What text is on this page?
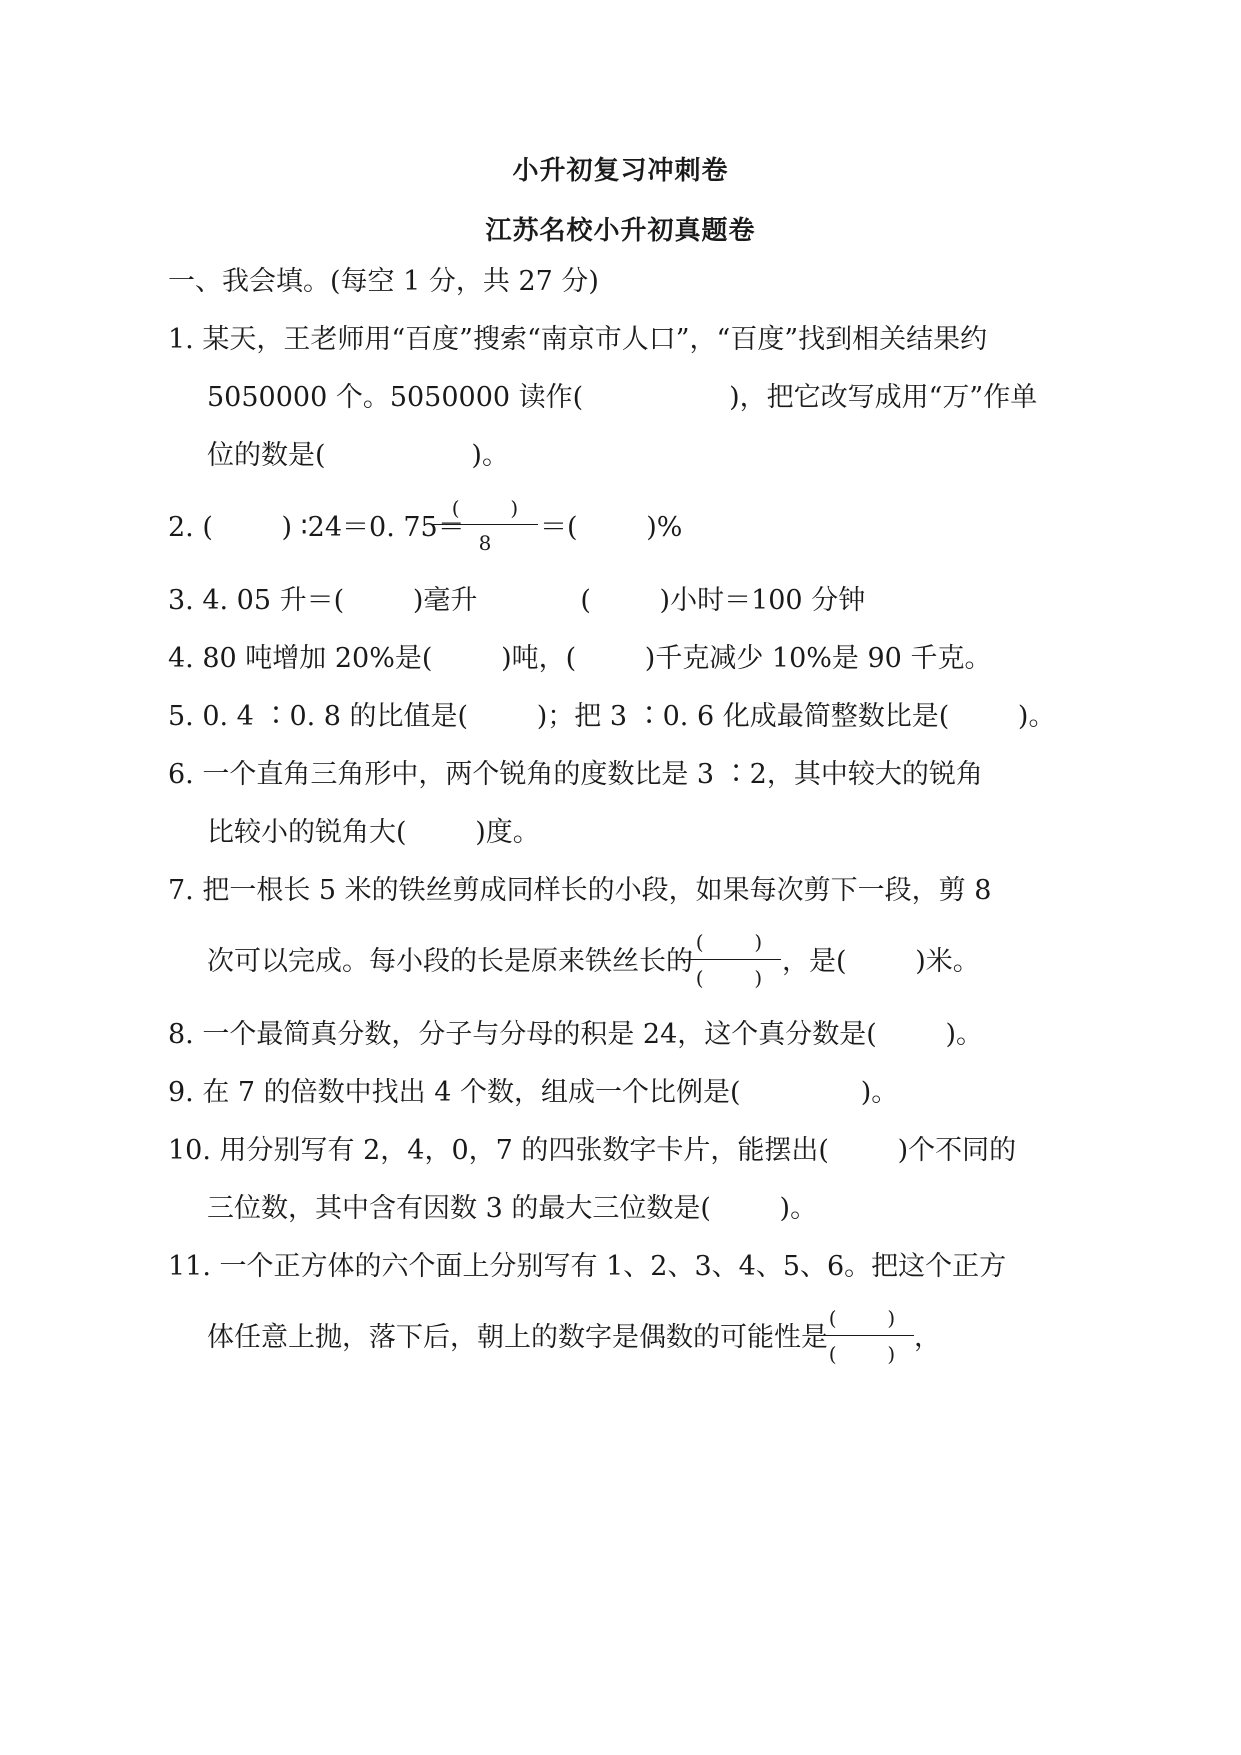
小升初复习冲刺卷
江苏名校小升初真题卷
一、我会填。(每空 1 分，共 27 分)
1. 某天，王老师用“百度”搜索“南京市人口”，“百度”找到相关结果约
5050000 个。5050000 读作(                 )，把它改写成用“万”作单
位的数是(                 )。
2. (        ) ∶24＝0. 75＝
(        )
8	＝(        )%
3. 4. 05 升＝(        )毫升            (        )小时＝100 分钟
4. 80 吨增加 20%是(        )吨，(        )千克减少 10%是 90 千克。
5. 0. 4 ∶0. 8 的比值是(        )；把 3 ∶0. 6 化成最简整数比是(        )。
6. 一个直角三角形中，两个锐角的度数比是 3 ∶2，其中较大的锐角
比较小的锐角大(        )度。
7. 把一根长 5 米的铁丝剪成同样长的小段，如果每次剪下一段，剪 8
次可以完成。每小段的长是原来铁丝长的
(        )
(        )
，是(        )米。
8. 一个最简真分数，分子与分母的积是 24，这个真分数是(        )。
9. 在 7 的倍数中找出 4 个数，组成一个比例是(              )。
10. 用分别写有 2，4，0，7 的四张数字卡片，能摆出(        )个不同的
三位数，其中含有因数 3 的最大三位数是(        )。
11. 一个正方体的六个面上分别写有 1、2、3、4、5、6。把这个正方
体任意上抛，落下后，朝上的数字是偶数的可能性是
(        )
(        )
，
